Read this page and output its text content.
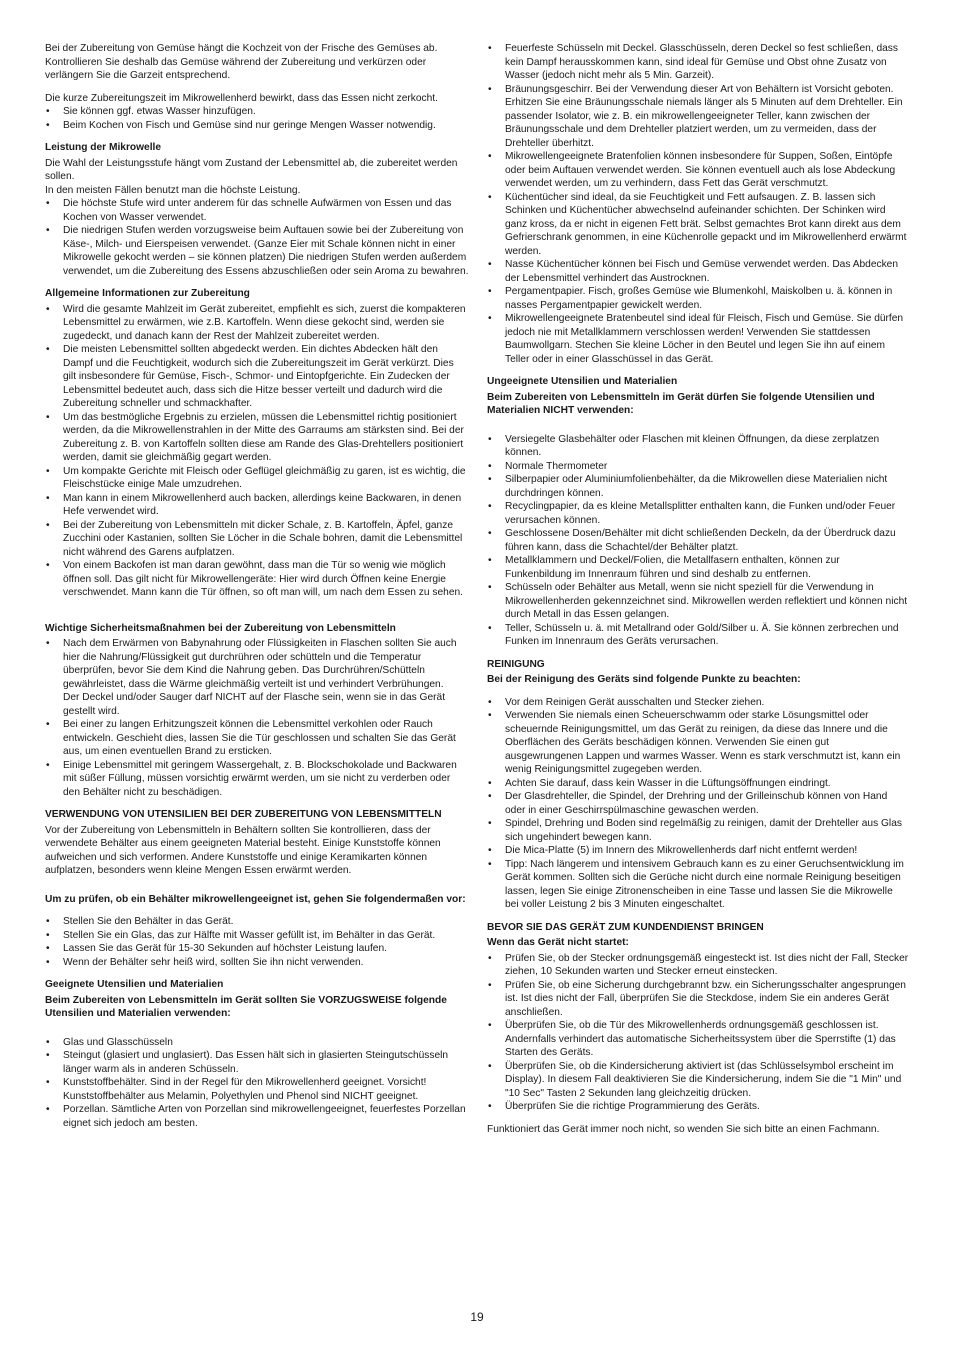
Bei der Zubereitung von Gemüse hängt die Kochzeit von der Frische des Gemüses ab. Kontrollieren Sie deshalb das Gemüse während der Zubereitung und verkürzen oder verlängern Sie die Garzeit entsprechend.

Die kurze Zubereitungszeit im Mikrowellenherd bewirkt, dass das Essen nicht zerkocht.

• Sie können ggf. etwas Wasser hinzufügen.
• Beim Kochen von Fisch und Gemüse sind nur geringe Mengen Wasser notwendig.

Leistung der Mikrowelle

Die Wahl der Leistungsstufe hängt vom Zustand der Lebensmittel ab, die zubereitet werden sollen.

In den meisten Fällen benutzt man die höchste Leistung.

• Die höchste Stufe wird unter anderem für das schnelle Aufwärmen von Essen und das Kochen von Wasser verwendet.
• Die niedrigen Stufen werden vorzugsweise beim Auftauen sowie bei der Zubereitung von Käse-, Milch- und Eierspeisen verwendet. (Ganze Eier mit Schale können nicht in einer Mikrowelle gekocht werden – sie können platzen) Die niedrigen Stufen werden außerdem verwendet, um die Zubereitung des Essens abzuschließen oder sein Aroma zu bewahren.

Allgemeine Informationen zur Zubereitung

• Wird die gesamte Mahlzeit im Gerät zubereitet, empfiehlt es sich, zuerst die kompakteren Lebensmittel zu erwärmen, wie z.B. Kartoffeln. Wenn diese gekocht sind, werden sie zugedeckt, und danach kann der Rest der Mahlzeit zubereitet werden.
• Die meisten Lebensmittel sollten abgedeckt werden. Ein dichtes Abdecken hält den Dampf und die Feuchtigkeit, wodurch sich die Zubereitungszeit im Gerät verkürzt. Dies gilt insbesondere für Gemüse, Fisch-, Schmor- und Eintopfgerichte. Ein Zudecken der Lebensmittel bedeutet auch, dass sich die Hitze besser verteilt und dadurch wird die Zubereitung schneller und schmackhafter.
• Um das bestmögliche Ergebnis zu erzielen, müssen die Lebensmittel richtig positioniert werden, da die Mikrowellenstrahlen in der Mitte des Garraums am stärksten sind. Bei der Zubereitung z. B. von Kartoffeln sollten diese am Rande des Glas-Drehtellers positioniert werden, damit sie gleichmäßig gegart werden.
• Um kompakte Gerichte mit Fleisch oder Geflügel gleichmäßig zu garen, ist es wichtig, die Fleischstücke einige Male umzudrehen.
• Man kann in einem Mikrowellenherd auch backen, allerdings keine Backwaren, in denen Hefe verwendet wird.
• Bei der Zubereitung von Lebensmitteln mit dicker Schale, z. B. Kartoffeln, Äpfel, ganze Zucchini oder Kastanien, sollten Sie Löcher in die Schale bohren, damit die Lebensmittel nicht während des Garens aufplatzen.
• Von einem Backofen ist man daran gewöhnt, dass man die Tür so wenig wie möglich öffnen soll. Das gilt nicht für Mikrowellengeräte: Hier wird durch Öffnen keine Energie verschwendet. Mann kann die Tür öffnen, so oft man will, um nach dem Essen zu sehen.

Wichtige Sicherheitsmaßnahmen bei der Zubereitung von Lebensmitteln

• Nach dem Erwärmen von Babynahrung oder Flüssigkeiten in Flaschen sollten Sie auch hier die Nahrung/Flüssigkeit gut durchrühren oder schütteln und die Temperatur überprüfen, bevor Sie dem Kind die Nahrung geben. Das Durchrühren/Schütteln gewährleistet, dass die Wärme gleichmäßig verteilt ist und verhindert Verbrühungen.
Der Deckel und/oder Sauger darf NICHT auf der Flasche sein, wenn sie in das Gerät gestellt wird.
• Bei einer zu langen Erhitzungszeit können die Lebensmittel verkohlen oder Rauch entwickeln. Geschieht dies, lassen Sie die Tür geschlossen und schalten Sie das Gerät aus, um einen eventuellen Brand zu ersticken.
• Einige Lebensmittel mit geringem Wassergehalt, z. B. Blockschokolade und Backwaren mit süßer Füllung, müssen vorsichtig erwärmt werden, um sie nicht zu verderben oder den Behälter nicht zu beschädigen.

VERWENDUNG VON UTENSILIEN BEI DER ZUBEREITUNG VON LEBENSMITTELN

Vor der Zubereitung von Lebensmitteln in Behältern sollten Sie kontrollieren, dass der verwendete Behälter aus einem geeigneten Material besteht. Einige Kunststoffe können aufweichen und sich verformen. Andere Kunststoffe und einige Keramikarten können aufplatzen, besonders wenn kleine Mengen Essen erwärmt werden.

Um zu prüfen, ob ein Behälter mikrowellengeeignet ist, gehen Sie folgendermaßen vor:

• Stellen Sie den Behälter in das Gerät.
• Stellen Sie ein Glas, das zur Hälfte mit Wasser gefüllt ist, im Behälter in das Gerät.
• Lassen Sie das Gerät für 15-30 Sekunden auf höchster Leistung laufen.
• Wenn der Behälter sehr heiß wird, sollten Sie ihn nicht verwenden.

Geeignete Utensilien und Materialien

Beim Zubereiten von Lebensmitteln im Gerät sollten Sie VORZUGSWEISE folgende Utensilien und Materialien verwenden:

• Glas und Glasschüsseln
• Steingut (glasiert und unglasiert). Das Essen hält sich in glasierten Steingutschüsseln länger warm als in anderen Schüsseln.
• Kunststoffbehälter. Sind in der Regel für den Mikrowellenherd geeignet. Vorsicht! Kunststoffbehälter aus Melamin, Polyethylen und Phenol sind NICHT geeignet.
• Porzellan. Sämtliche Arten von Porzellan sind mikrowellengeeignet, feuerfestes Porzellan eignet sich jedoch am besten.
• Feuerfeste Schüsseln mit Deckel. Glasschüsseln, deren Deckel so fest schließen, dass kein Dampf herausskommen kann, sind ideal für Gemüse und Obst ohne Zusatz von Wasser (jedoch nicht mehr als 5 Min. Garzeit).
• Bräunungsgeschirr. Bei der Verwendung dieser Art von Behältern ist Vorsicht geboten. Erhitzen Sie eine Bräunungsschale niemals länger als 5 Minuten auf dem Drehteller. Ein passender Isolator, wie z. B. ein mikrowellengeeigneter Teller, kann zwischen der Bräunungsschale und dem Drehteller platziert werden, um zu vermeiden, dass der Drehteller überhitzt.
• Mikrowellengeeignete Bratenfolien können insbesondere für Suppen, Soßen, Eintöpfe oder beim Auftauen verwendet werden. Sie können eventuell auch als lose Abdeckung verwendet werden, um zu verhindern, dass Fett das Gerät verschmutzt.
• Küchentücher sind ideal, da sie Feuchtigkeit und Fett aufsaugen. Z. B. lassen sich Schinken und Küchentücher abwechselnd aufeinander schichten. Der Schinken wird ganz kross, da er nicht in eigenen Fett brät. Selbst gemachtes Brot kann direkt aus dem Gefrierschrank genommen, in eine Küchenrolle gepackt und im Mikrowellenherd erwärmt werden.
• Nasse Küchentücher können bei Fisch und Gemüse verwendet werden. Das Abdecken der Lebensmittel verhindert das Austrocknen.
• Pergamentpapier. Fisch, großes Gemüse wie Blumenkohl, Maiskolben u. ä. können in nasses Pergamentpapier gewickelt werden.
• Mikrowellengeeignete Bratenbeutel sind ideal für Fleisch, Fisch und Gemüse. Sie dürfen jedoch nie mit Metallklammern verschlossen werden! Verwenden Sie stattdessen Baumwollgarn. Stechen Sie kleine Löcher in den Beutel und legen Sie ihn auf einem Teller oder in einer Glasschüssel in das Gerät.

Ungeeignete Utensilien und Materialien

Beim Zubereiten von Lebensmitteln im Gerät dürfen Sie folgende Utensilien und Materialien NICHT verwenden:

• Versiegelte Glasbehälter oder Flaschen mit kleinen Öffnungen, da diese zerplatzen können.
• Normale Thermometer
• Silberpapier oder Aluminiumfolienbehälter, da die Mikrowellen diese Materialien nicht durchdringen können.
• Recyclingpapier, da es kleine Metallsplitter enthalten kann, die Funken und/oder Feuer verursachen können.
• Geschlossene Dosen/Behälter mit dicht schließenden Deckeln, da der Überdruck dazu führen kann, dass die Schachtel/der Behälter platzt.
• Metallklammern und Deckel/Folien, die Metallfasern enthalten, können zur Funkenbildung im Innenraum führen und sind deshalb zu entfernen.
• Schüsseln oder Behälter aus Metall, wenn sie nicht speziell für die Verwendung in Mikrowellenherden gekennzeichnet sind. Mikrowellen werden reflektiert und können nicht durch Metall in das Essen gelangen.
• Teller, Schüsseln u. ä. mit Metallrand oder Gold/Silber u. Ä. Sie können zerbrechen und Funken im Innenraum des Geräts verursachen.

REINIGUNG

Bei der Reinigung des Geräts sind folgende Punkte zu beachten:

• Vor dem Reinigen Gerät ausschalten und Stecker ziehen.
• Verwenden Sie niemals einen Scheuerschwamm oder starke Lösungsmittel oder scheuernde Reinigungsmittel, um das Gerät zu reinigen, da diese das Innere und die Oberflächen des Geräts beschädigen können. Verwenden Sie einen gut ausgewrungenen Lappen und warmes Wasser. Wenn es stark verschmutzt ist, kann ein wenig Reinigungsmittel zugegeben werden.
• Achten Sie darauf, dass kein Wasser in die Lüftungsöffnungen eindringt.
• Der Glasdrehteller, die Spindel, der Drehring und der Grilleinschub können von Hand oder in einer Geschirrspülmaschine gewaschen werden.
• Spindel, Drehring und Boden sind regelmäßig zu reinigen, damit der Drehteller aus Glas sich ungehindert bewegen kann.
• Die Mica-Platte (5) im Innern des Mikrowellenherds darf nicht entfernt werden!
• Tipp: Nach längerem und intensivem Gebrauch kann es zu einer Geruchsentwicklung im Gerät kommen. Sollten sich die Gerüche nicht durch eine normale Reinigung beseitigen lassen, legen Sie einige Zitronenscheiben in eine Tasse und lassen Sie die Mikrowelle bei voller Leistung 2 bis 3 Minuten eingeschaltet.

BEVOR SIE DAS GERÄT ZUM KUNDENDIENST BRINGEN

Wenn das Gerät nicht startet:

• Prüfen Sie, ob der Stecker ordnungsgemäß eingesteckt ist. Ist dies nicht der Fall, Stecker ziehen, 10 Sekunden warten und Stecker erneut einstecken.
• Prüfen Sie, ob eine Sicherung durchgebrannt bzw. ein Sicherungsschalter angesprungen ist. Ist dies nicht der Fall, überprüfen Sie die Steckdose, indem Sie ein anderes Gerät anschließen.
• Überprüfen Sie, ob die Tür des Mikrowellenherds ordnungsgemäß geschlossen ist. Andernfalls verhindert das automatische Sicherheitssystem über die Sperrstifte (1) das Starten des Geräts.
• Überprüfen Sie, ob die Kindersicherung aktiviert ist (das Schlüsselsymbol erscheint im Display). In diesem Fall deaktivieren Sie die Kindersicherung, indem Sie die "1 Min" und "10 Sec" Tasten 2 Sekunden lang gleichzeitig drücken.
• Überprüfen Sie die richtige Programmierung des Geräts.

Funktioniert das Gerät immer noch nicht, so wenden Sie sich bitte an einen Fachmann.

19
